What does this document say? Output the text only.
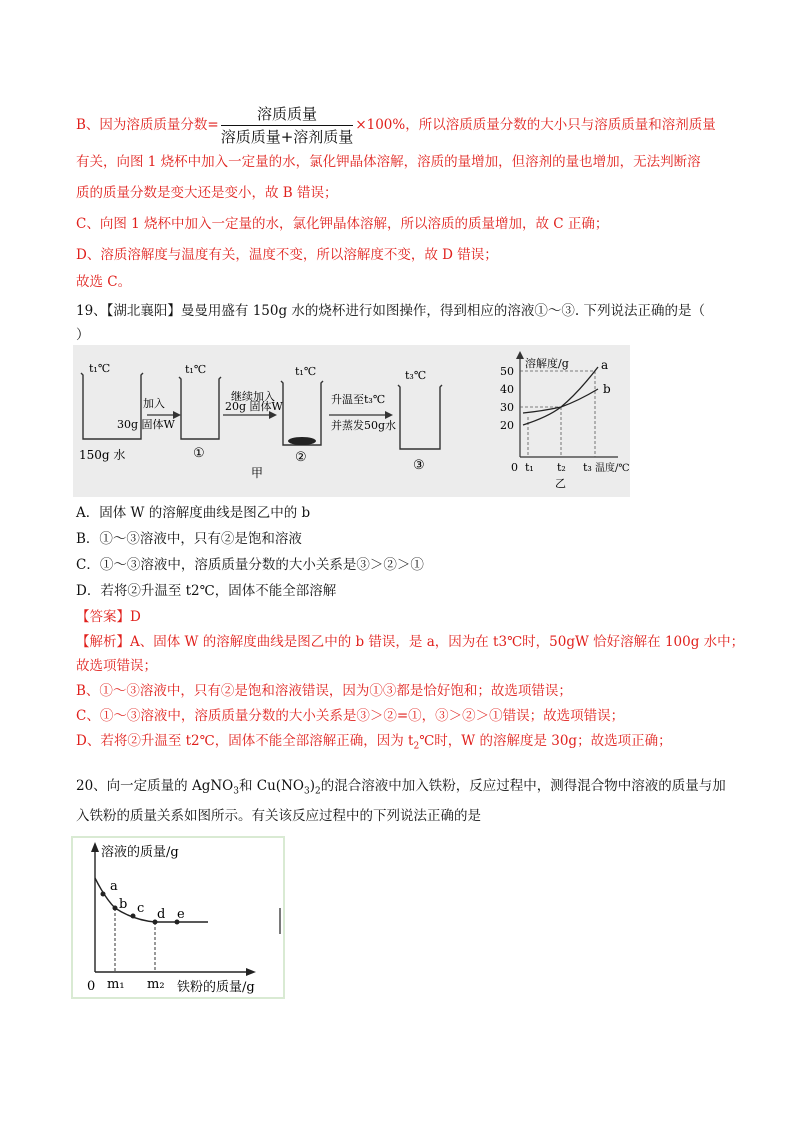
B、因为溶质质量分数= $\frac{\text{溶质质量}}{\text{溶质质量+溶剂质量}} \times 100\%$，所以溶质质量分数的大小只与溶质质量和溶剂质量
有关，向图 1 烧杯中加入一定量的水，氯化钾晶体溶解，溶质的量增加，但溶剂的量也增加，无法判断溶
质的质量分数是变大还是变小，故 B 错误；
C、向图 1 烧杯中加入一定量的水，氯化钾晶体溶解，所以溶质的质量增加，故 C 正确；
D、溶质溶解度与温度有关，温度不变，所以溶解度不变，故 D 错误；
故选 C。
19、【湖北襄阳】曼曼用盛有 150g 水的烧杯进行如图操作，得到相应的溶液①～③. 下列说法正确的是（
）
t₁℃
150g 水
加入
30g 固体W
t₁℃
①
继续加入
20g 固体W
t₁℃
②
升温至t₃℃
并蒸发50g水
t₃℃
③
甲
溶解度/g
50
40
30
20
a
b
0 t₁ t₂ t₃ 温度/℃
乙
A．固体 W 的溶解度曲线是图乙中的 b
B．①～③溶液中，只有②是饱和溶液
C．①～③溶液中，溶质质量分数的大小关系是③＞②＞①
D．若将②升温至 t2℃，固体不能全部溶解
【答案】D
【解析】A、固体 W 的溶解度曲线是图乙中的 b 错误，是 a，因为在 t3℃时，50gW 恰好溶解在 100g 水中；
故选项错误；
B、①～③溶液中，只有②是饱和溶液错误，因为①③都是恰好饱和；故选项错误；
C、①～③溶液中，溶质质量分数的大小关系是③＞②=①，③＞②＞①错误；故选项错误；
D、若将②升温至 t2℃，固体不能全部溶解正确，因为 $t_2℃$时，W 的溶解度是 30g；故选项正确；
20、向一定质量的 AgNO$_3$和 $Cu(NO_3)_2$的混合溶液中加入铁粉，反应过程中，测得混合物中溶液的质量与加
入铁粉的质量关系如图所示。有关该反应过程中的下列说法正确的是
溶液的质量/g
a
b c d e
0 m₁ m₂ 铁粉的质量/g
